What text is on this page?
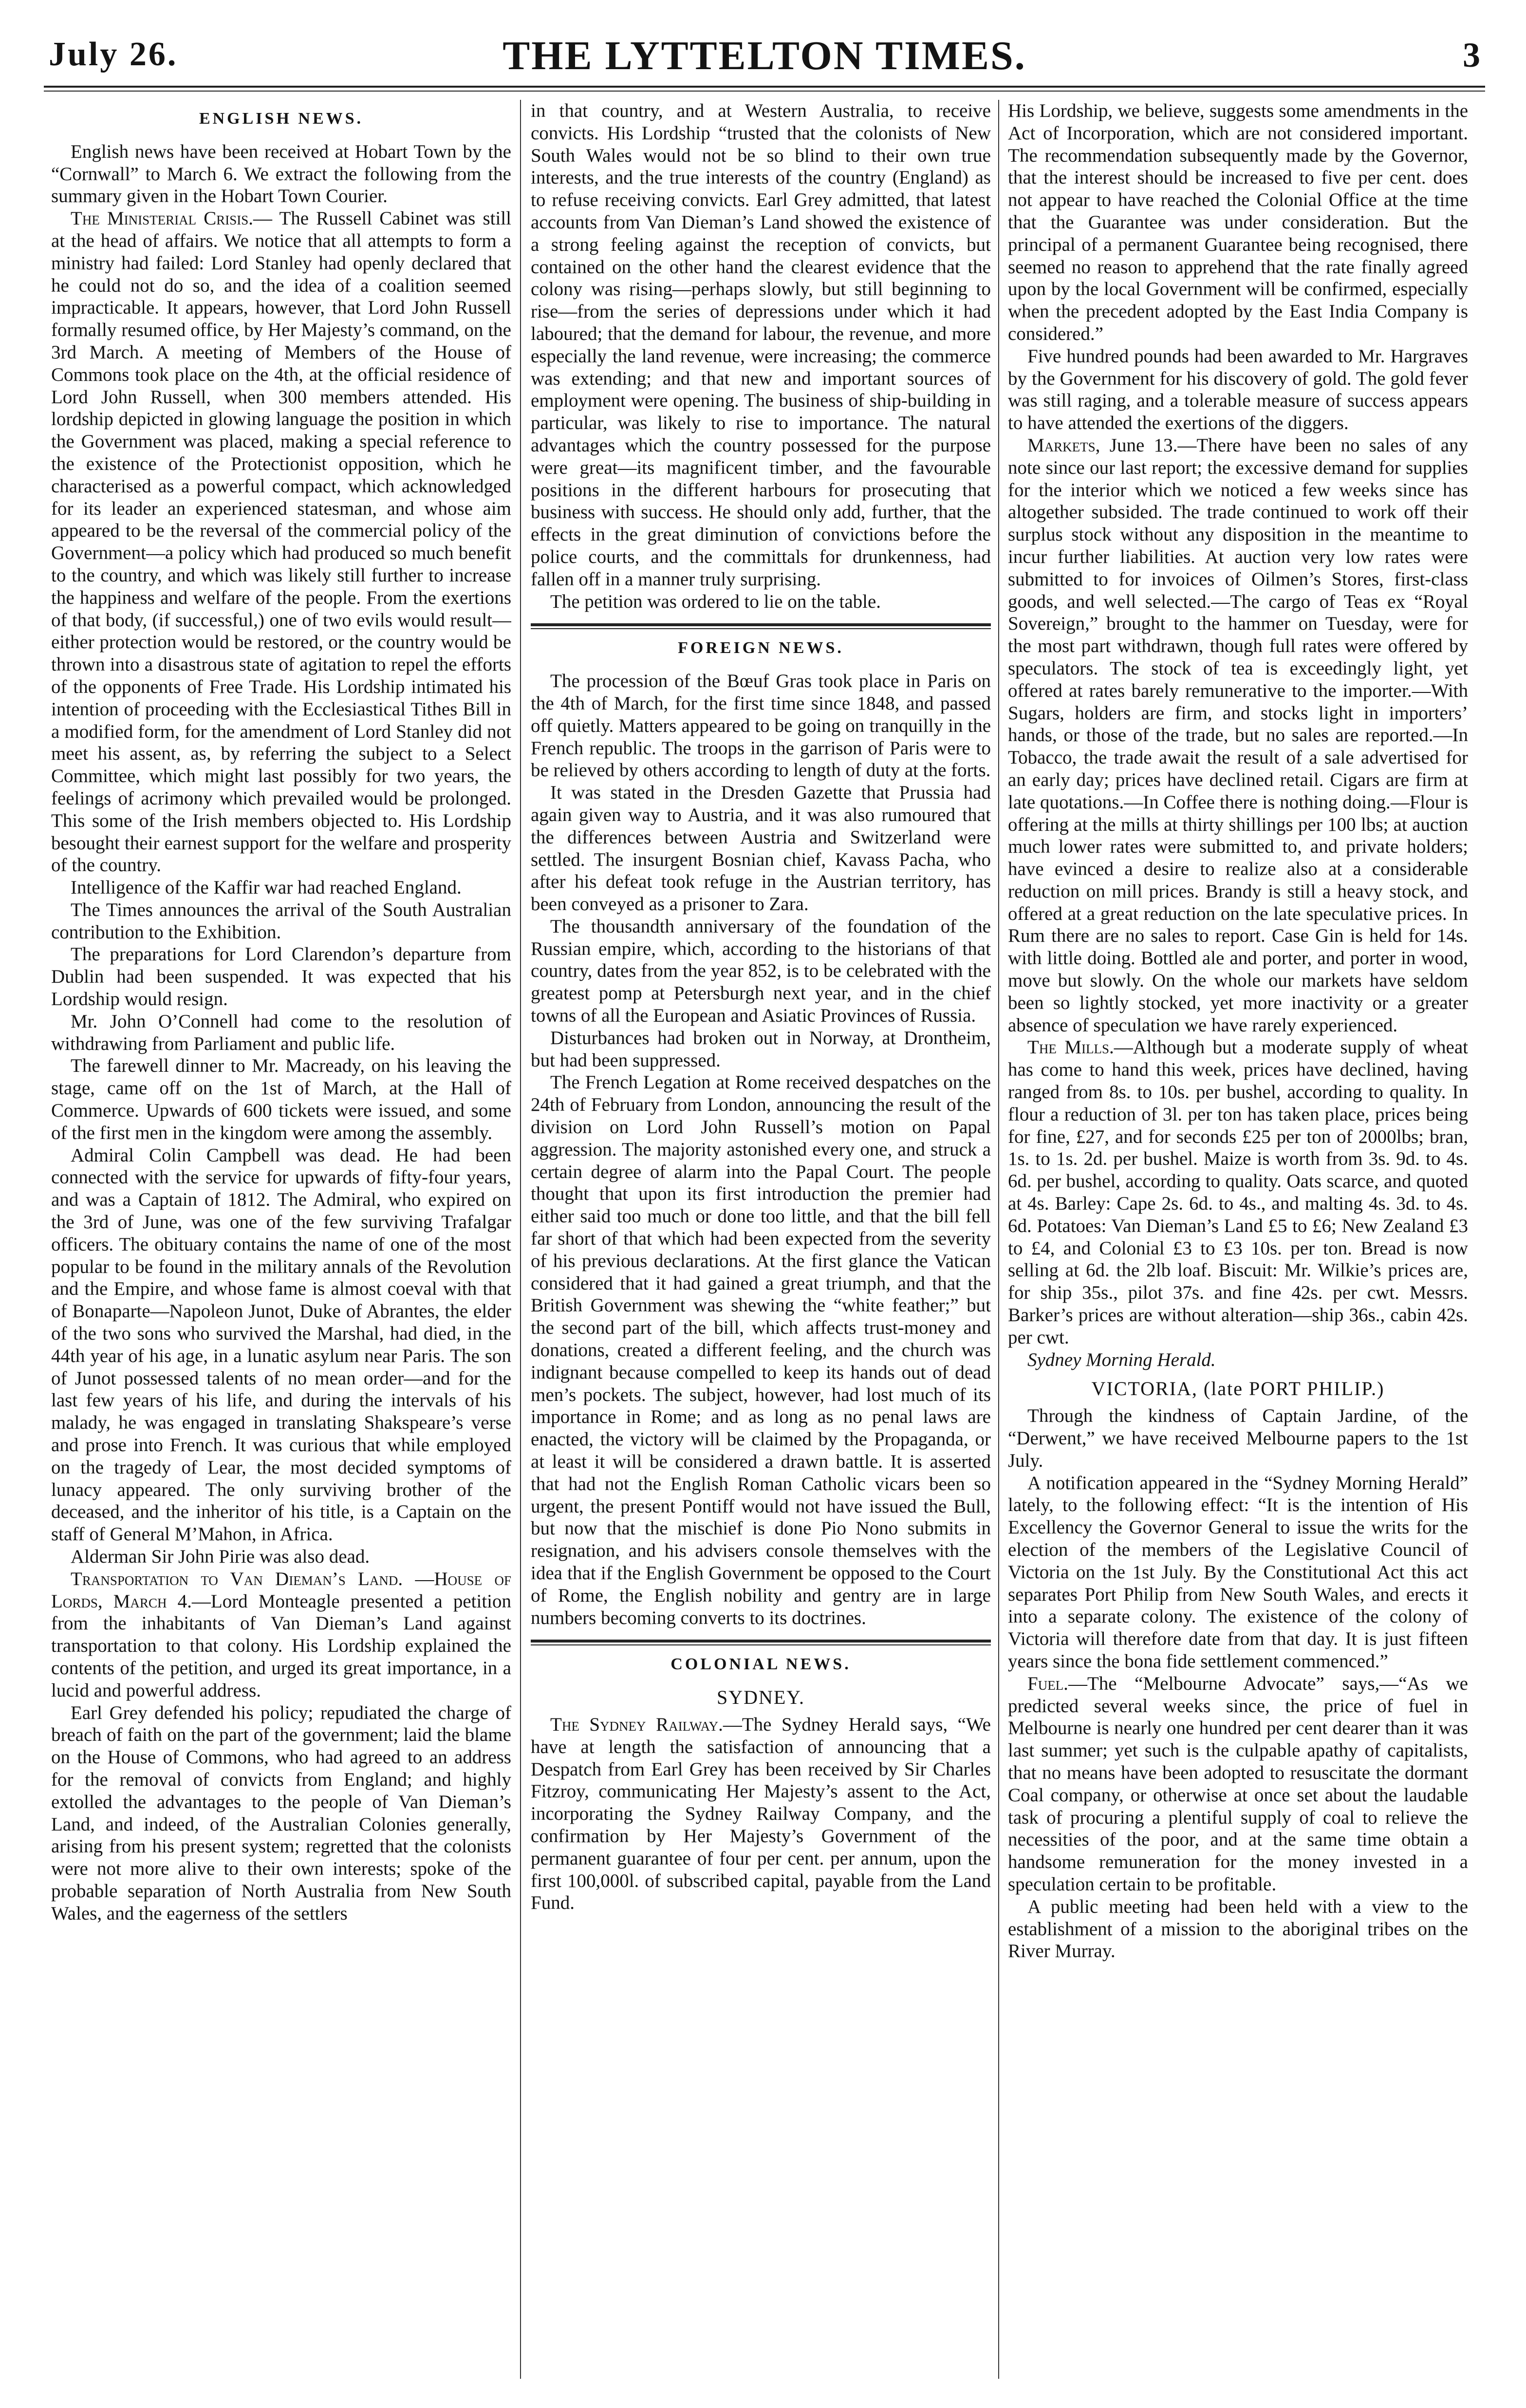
July 26.	THE LYTTELTON TIMES.	3

ENGLISH NEWS.

English news have been received at Hobart Town by the “Cornwall” to March 6. We extract the following from the summary given in the Hobart Town Courier.

The Ministerial Crisis.— The Russell Cabinet was still at the head of affairs. We notice that all attempts to form a ministry had failed: Lord Stanley had openly declared that he could not do so, and the idea of a coalition seemed impracticable. It appears, however, that Lord John Russell formally resumed office, by Her Majesty’s command, on the 3rd March. A meeting of Members of the House of Commons took place on the 4th, at the official residence of Lord John Russell, when 300 members attended. His lordship depicted in glowing language the position in which the Government was placed, making a special reference to the existence of the Protectionist opposition, which he characterised as a powerful compact, which acknowledged for its leader an experienced statesman, and whose aim appeared to be the reversal of the commercial policy of the Government—a policy which had produced so much benefit to the country, and which was likely still further to increase the happiness and welfare of the people. From the exertions of that body, (if successful,) one of two evils would result—either protection would be restored, or the country would be thrown into a disastrous state of agitation to repel the efforts of the opponents of Free Trade. His Lordship intimated his intention of proceeding with the Ecclesiastical Tithes Bill in a modified form, for the amendment of Lord Stanley did not meet his assent, as, by referring the subject to a Select Committee, which might last possibly for two years, the feelings of acrimony which prevailed would be prolonged. This some of the Irish members objected to. His Lordship besought their earnest support for the welfare and prosperity of the country.

Intelligence of the Kaffir war had reached England.

The Times announces the arrival of the South Australian contribution to the Exhibition.

The preparations for Lord Clarendon’s departure from Dublin had been suspended. It was expected that his Lordship would resign.

Mr. John O’Connell had come to the resolution of withdrawing from Parliament and public life.

The farewell dinner to Mr. Macready, on his leaving the stage, came off on the 1st of March, at the Hall of Commerce. Upwards of 600 tickets were issued, and some of the first men in the kingdom were among the assembly.

Admiral Colin Campbell was dead. He had been connected with the service for upwards of fifty-four years, and was a Captain of 1812. The Admiral, who expired on the 3rd of June, was one of the few surviving Trafalgar officers. The obituary contains the name of one of the most popular to be found in the military annals of the Revolution and the Empire, and whose fame is almost coeval with that of Bonaparte—Napoleon Junot, Duke of Abrantes, the elder of the two sons who survived the Marshal, had died, in the 44th year of his age, in a lunatic asylum near Paris. The son of Junot possessed talents of no mean order—and for the last few years of his life, and during the intervals of his malady, he was engaged in translating Shakspeare’s verse and prose into French. It was curious that while employed on the tragedy of Lear, the most decided symptoms of lunacy appeared. The only surviving brother of the deceased, and the inheritor of his title, is a Captain on the staff of General M’Mahon, in Africa.

Alderman Sir John Pirie was also dead.

Transportation to Van Dieman’s Land. —House of Lords, March 4.—Lord Monteagle presented a petition from the inhabitants of Van Dieman’s Land against transportation to that colony. His Lordship explained the contents of the petition, and urged its great importance, in a lucid and powerful address.

Earl Grey defended his policy; repudiated the charge of breach of faith on the part of the government; laid the blame on the House of Commons, who had agreed to an address for the removal of convicts from England; and highly extolled the advantages to the people of Van Dieman’s Land, and indeed, of the Australian Colonies generally, arising from his present system; regretted that the colonists were not more alive to their own interests; spoke of the probable separation of North Australia from New South Wales, and the eagerness of the settlers

in that country, and at Western Australia, to receive convicts. His Lordship “trusted that the colonists of New South Wales would not be so blind to their own true interests, and the true interests of the country (England) as to refuse receiving convicts. Earl Grey admitted, that latest accounts from Van Dieman’s Land showed the existence of a strong feeling against the reception of convicts, but contained on the other hand the clearest evidence that the colony was rising—perhaps slowly, but still beginning to rise—from the series of depressions under which it had laboured; that the demand for labour, the revenue, and more especially the land revenue, were increasing; the commerce was extending; and that new and important sources of employment were opening. The business of ship-building in particular, was likely to rise to importance. The natural advantages which the country possessed for the purpose were great—its magnificent timber, and the favourable positions in the different harbours for prosecuting that business with success. He should only add, further, that the effects in the great diminution of convictions before the police courts, and the committals for drunkenness, had fallen off in a manner truly surprising.

The petition was ordered to lie on the table.

FOREIGN NEWS.

The procession of the Bœuf Gras took place in Paris on the 4th of March, for the first time since 1848, and passed off quietly. Matters appeared to be going on tranquilly in the French republic. The troops in the garrison of Paris were to be relieved by others according to length of duty at the forts.

It was stated in the Dresden Gazette that Prussia had again given way to Austria, and it was also rumoured that the differences between Austria and Switzerland were settled. The insurgent Bosnian chief, Kavass Pacha, who after his defeat took refuge in the Austrian territory, has been conveyed as a prisoner to Zara.

The thousandth anniversary of the foundation of the Russian empire, which, according to the historians of that country, dates from the year 852, is to be celebrated with the greatest pomp at Petersburgh next year, and in the chief towns of all the European and Asiatic Provinces of Russia.

Disturbances had broken out in Norway, at Drontheim, but had been suppressed.

The French Legation at Rome received despatches on the 24th of February from London, announcing the result of the division on Lord John Russell’s motion on Papal aggression. The majority astonished every one, and struck a certain degree of alarm into the Papal Court. The people thought that upon its first introduction the premier had either said too much or done too little, and that the bill fell far short of that which had been expected from the severity of his previous declarations. At the first glance the Vatican considered that it had gained a great triumph, and that the British Government was shewing the “white feather;” but the second part of the bill, which affects trust-money and donations, created a different feeling, and the church was indignant because compelled to keep its hands out of dead men’s pockets. The subject, however, had lost much of its importance in Rome; and as long as no penal laws are enacted, the victory will be claimed by the Propaganda, or at least it will be considered a drawn battle. It is asserted that had not the English Roman Catholic vicars been so urgent, the present Pontiff would not have issued the Bull, but now that the mischief is done Pio Nono submits in resignation, and his advisers console themselves with the idea that if the English Government be opposed to the Court of Rome, the English nobility and gentry are in large numbers becoming converts to its doctrines.

COLONIAL NEWS.

SYDNEY.

The Sydney Railway.—The Sydney Herald says, “We have at length the satisfaction of announcing that a Despatch from Earl Grey has been received by Sir Charles Fitzroy, communicating Her Majesty’s assent to the Act, incorporating the Sydney Railway Company, and the confirmation by Her Majesty’s Government of the permanent guarantee of four per cent. per annum, upon the first 100,000l. of subscribed capital, payable from the Land Fund.

His Lordship, we believe, suggests some amendments in the Act of Incorporation, which are not considered important. The recommendation subsequently made by the Governor, that the interest should be increased to five per cent. does not appear to have reached the Colonial Office at the time that the Guarantee was under consideration. But the principal of a permanent Guarantee being recognised, there seemed no reason to apprehend that the rate finally agreed upon by the local Government will be confirmed, especially when the precedent adopted by the East India Company is considered.”

Five hundred pounds had been awarded to Mr. Hargraves by the Government for his discovery of gold. The gold fever was still raging, and a tolerable measure of success appears to have attended the exertions of the diggers.

Markets, June 13.—There have been no sales of any note since our last report; the excessive demand for supplies for the interior which we noticed a few weeks since has altogether subsided. The trade continued to work off their surplus stock without any disposition in the meantime to incur further liabilities. At auction very low rates were submitted to for invoices of Oilmen’s Stores, first-class goods, and well selected.—The cargo of Teas ex “Royal Sovereign,” brought to the hammer on Tuesday, were for the most part withdrawn, though full rates were offered by speculators. The stock of tea is exceedingly light, yet offered at rates barely remunerative to the importer.—With Sugars, holders are firm, and stocks light in importers’ hands, or those of the trade, but no sales are reported.—In Tobacco, the trade await the result of a sale advertised for an early day; prices have declined retail. Cigars are firm at late quotations.—In Coffee there is nothing doing.—Flour is offering at the mills at thirty shillings per 100 lbs; at auction much lower rates were submitted to, and private holders; have evinced a desire to realize also at a considerable reduction on mill prices. Brandy is still a heavy stock, and offered at a great reduction on the late speculative prices. In Rum there are no sales to report. Case Gin is held for 14s. with little doing. Bottled ale and porter, and porter in wood, move but slowly. On the whole our markets have seldom been so lightly stocked, yet more inactivity or a greater absence of speculation we have rarely experienced.

The Mills.—Although but a moderate supply of wheat has come to hand this week, prices have declined, having ranged from 8s. to 10s. per bushel, according to quality. In flour a reduction of 3l. per ton has taken place, prices being for fine, £27, and for seconds £25 per ton of 2000lbs; bran, 1s. to 1s. 2d. per bushel. Maize is worth from 3s. 9d. to 4s. 6d. per bushel, according to quality. Oats scarce, and quoted at 4s. Barley: Cape 2s. 6d. to 4s., and malting 4s. 3d. to 4s. 6d. Potatoes: Van Dieman’s Land £5 to £6; New Zealand £3 to £4, and Colonial £3 to £3 10s. per ton. Bread is now selling at 6d. the 2lb loaf. Biscuit: Mr. Wilkie’s prices are, for ship 35s., pilot 37s. and fine 42s. per cwt. Messrs. Barker’s prices are without alteration—ship 36s., cabin 42s. per cwt.

Sydney Morning Herald.

VICTORIA, (late PORT PHILIP.)

Through the kindness of Captain Jardine, of the “Derwent,” we have received Melbourne papers to the 1st July.

A notification appeared in the “Sydney Morning Herald” lately, to the following effect: “It is the intention of His Excellency the Governor General to issue the writs for the election of the members of the Legislative Council of Victoria on the 1st July. By the Constitutional Act this act separates Port Philip from New South Wales, and erects it into a separate colony. The existence of the colony of Victoria will therefore date from that day. It is just fifteen years since the bona fide settlement commenced.”

Fuel.—The “Melbourne Advocate” says,—“As we predicted several weeks since, the price of fuel in Melbourne is nearly one hundred per cent dearer than it was last summer; yet such is the culpable apathy of capitalists, that no means have been adopted to resuscitate the dormant Coal company, or otherwise at once set about the laudable task of procuring a plentiful supply of coal to relieve the necessities of the poor, and at the same time obtain a handsome remuneration for the money invested in a speculation certain to be profitable.

A public meeting had been held with a view to the establishment of a mission to the aboriginal tribes on the River Murray.
